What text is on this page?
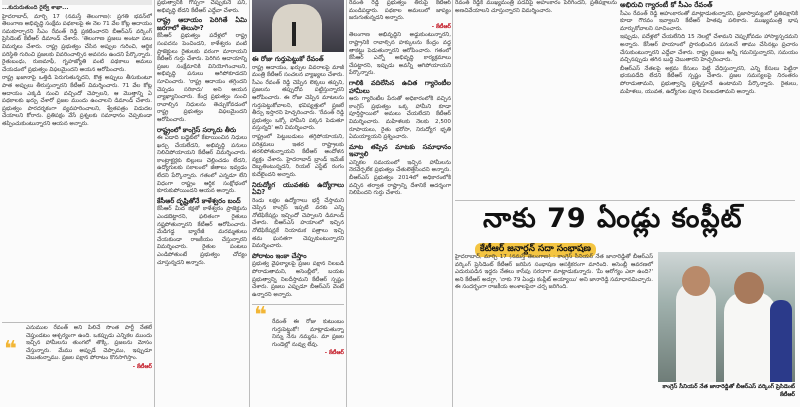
...కుదురుతుంది రైల్వే శాఖా...

హైదరాబాద్‌, మార్చి 17 (నమస్తే తెలంగాణ): ప్రగతి భవన్‌లో తెలంగాణ అభివృద్ధి సంక్షేమ పథకాలపై ఈ నెల 71 వేల కోట్ల ఆదాయం సమకూర్చారని సీఎం రేవంత్‌ రెడ్డి ప్రకటించారని బీఆర్‌ఎస్‌ వర్కింగ్‌ ప్రెసిడెంట్‌ కేటీఆర్‌ డిమాండ్‌ చేశారు. 'తెలంగాణ ప్రజలు అంటూ పలు విమర్శలు చేశారు. రాష్ట్ర ప్రభుత్వం చేసిన అప్పుల గురించి, ఆర్థిక పరిస్థితి గురించి ప్రజలకు వివరించాల్సిన అవసరం ఉందని పేర్కొన్నారు. రైతుబంధు, రుణమాఫీ, గృహజ్యోతి వంటి పథకాలు అమలు చేయడంలో ప్రభుత్వం విఫలమైందని ఆయన ఆరోపించారు.

రాష్ట్ర ఖజానాపై ఒత్తిడి పెరుగుతున్నదని, కొత్త అప్పులు తీసుకుంటూ పాత అప్పులు తీరుస్తున్నారని కేటీఆర్‌ విమర్శించారు. 71 వేల కోట్ల ఆదాయం ఎక్కడి నుంచి వచ్చిందో చెప్పాలని, ఆ మొత్తాన్ని ఏ పథకాలకు ఖర్చు చేశారో ప్రజల ముందు ఉంచాలని డిమాండ్‌ చేశారు. ప్రభుత్వం పారదర్శకంగా వ్యవహరించాలని, శ్వేతపత్రం విడుదల చేయాలని కోరారు. ప్రతిపక్షం వేసే ప్రశ్నలకు సమాధానం చెప్పకుండా తప్పించుకుంటున్నారని ఆయన అన్నారు.

❝

ఎనుముల రేవంత్‌ అని పిలిచే సొంత పార్టీ నేతలే చెప్తుండటం ఆశ్చర్యంగా ఉంది. ఒకప్పుడు ఎన్నికల ముందు ఇచ్చిన హామీలను తుంగలో తొక్కి, ప్రజలను మోసం చేస్తున్నారు. మేము అప్పుడే చెప్పాము, ఇప్పుడూ చెబుతున్నాము. ప్రజల పక్షాన పోరాటం కొనసాగిస్తాం.

- కేటీఆర్‌

ప్రభుత్వానికి గొప్పగా చెప్పుకునే పని, అభివృద్ధి లేదని కేటీఆర్‌ ఎద్దేవా చేశారు.

రాష్ట్ర ఆదాయం పెరిగితే ఏమి జరగాలో తెలుసా?

కేసీఆర్‌ ప్రభుత్వం పదేళ్లలో రాష్ట్ర సంపదను పెంచిందని, కాళేశ్వరం వంటి ప్రాజెక్టులు రైతులకు వరంగా మారాయని కేటీఆర్‌ గుర్తు చేశారు. పెరిగిన ఆదాయాన్ని ప్రజల సంక్షేమానికి వినియోగించాలని, అభివృద్ధి పనులు ఆగిపోకూడదని సూచించారు. 'రాష్ట్ర ఆదాయం తగ్గిందని చెప్పడం సరికాదు' అని ఆయన వ్యాఖ్యానించారు. కేంద్ర ప్రభుత్వం నుంచి రావాల్సిన నిధులను తెచ్చుకోవడంలో రాష్ట్ర ప్రభుత్వం విఫలమైందని ఆరోపించారు.

రాష్ట్రంలో కాంగ్రెస్‌ సర్కారు తీరు

ఈ ఏడాది బడ్జెట్‌లో కేటాయించిన నిధులు ఖర్చు చేయలేదని, అభివృద్ధి పనులు నిలిచిపోయాయని కేటీఆర్‌ విమర్శించారు. కాంట్రాక్టర్లకు బిల్లులు చెల్లించడం లేదని, ఉద్యోగులకు సకాలంలో జీతాలు ఇవ్వడం లేదని పేర్కొన్నారు. గతంలో ఎన్నడూ లేని విధంగా రాష్ట్రం ఆర్థిక సంక్షోభంలో కూరుకుపోయిందని ఆయన అన్నారు.

కేసీఆర్‌ దృష్టితోనే కాళేశ్వరం బంద్‌

కేసీఆర్‌ మీద కక్షతో కాళేశ్వరం ప్రాజెక్టును ఎండబెట్టారని, ఫలితంగా రైతులు నష్టపోతున్నారని కేటీఆర్‌ ఆరోపించారు. మేడిగడ్డ బ్యారేజీ మరమ్మతులు చేయకుండా రాజకీయం చేస్తున్నారని విమర్శించారు. రైతుల పంటలు ఎండిపోతుంటే ప్రభుత్వం చోద్యం చూస్తున్నదని అన్నారు.

ఈ రోజు గుర్తుపెట్టుకో రేవంత్‌

రాష్ట్ర ఆదాయం, ఖర్చుల వివరాలపై మాజీ మంత్రి కేటీఆర్‌ సంచలన వ్యాఖ్యలు చేశారు. సీఎం రేవంత్‌ రెడ్డి చెప్పిన లెక్కలు తప్పని, ప్రజలను తప్పుదోవ పట్టిస్తున్నారని ఆరోపించారు. ఈ రోజు చెప్పిన మాటలను గుర్తుపెట్టుకోవాలని, భవిష్యత్తులో ప్రజలే తీర్పు ఇస్తారని హెచ్చరించారు. 'రేవంత్‌ రెడ్డి ప్రభుత్వం ఒక్కో హామీని పక్కన పెడుతూ వస్తున్నది' అని విమర్శించారు.

రాష్ట్రంలో పెట్టుబడులు తగ్గిపోయాయని, పరిశ్రమలు ఇతర రాష్ట్రాలకు తరలిపోతున్నాయని కేటీఆర్‌ ఆందోళన వ్యక్తం చేశారు. హైదరాబాద్‌ బ్రాండ్‌ ఇమేజ్‌ దెబ్బతింటున్నదని, రియల్‌ ఎస్టేట్‌ రంగం కుదేలైందని అన్నారు.

నిరుద్యోగ యువతకు ఉద్యోగాలు ఏవి?

రెండు లక్షల ఉద్యోగాలు భర్తీ చేస్తామని చెప్పిన కాంగ్రెస్‌ ఇప్పటి వరకు ఎన్ని నోటిఫికేషన్లు ఇచ్చిందో చెప్పాలని డిమాండ్‌ చేశారు. బీఆర్‌ఎస్‌ హయాంలో ఇచ్చిన నోటిఫికేషన్లకే నియామక పత్రాలు ఇచ్చి తమ ఘనతగా చెప్పుకుంటున్నారని విమర్శించారు.

పోరాటం ఇంకా చేస్తాం

ప్రభుత్వ వైఫల్యాలపై ప్రజల పక్షాన నిలబడి పోరాడుతామని, అసెంబ్లీలో, బయట ప్రభుత్వాన్ని నిలదీస్తామని కేటీఆర్‌ స్పష్టం చేశారు. ప్రజలు ఎప్పుడూ బీఆర్‌ఎస్‌ వెంటే ఉన్నారని అన్నారు.

❝ రేవంత్‌ ఈ రోజు కుటుంబం గుర్తుపెట్టుకో! మాట్లాడుతున్నా నిన్ను నేను నమ్మను. మా ప్రజల గుండెల్లో నువ్వు లేవు.

- కేటీఆర్‌

రేవంత్‌ రెడ్డి ప్రభుత్వం తీరుపై కేటీఆర్‌ మండిపడ్డారు. పథకాల అమలులో జాప్యం జరుగుతున్నదని అన్నారు.

- కేటీఆర్‌

తెలంగాణ అభివృద్ధిని అడ్డుకుంటున్నారని, రాష్ట్రానికి రావాల్సిన హక్కులను కేంద్రం వద్ద తాకట్టు పెడుతున్నారని ఆరోపించారు. గతంలో కేసీఆర్‌ ఎన్నో అభివృద్ధి కార్యక్రమాలు చేపట్టారని, ఇప్పుడు అవన్నీ ఆగిపోయాయని పేర్కొన్నారు.

గాలికి వదిలేసిన ఉచిత గ్యారెంటీల హామీలు

ఆరు గ్యారెంటీల పేరుతో అధికారంలోకి వచ్చిన కాంగ్రెస్‌ ప్రభుత్వం ఒక్క హామీని కూడా పూర్తిస్థాయిలో అమలు చేయలేదని కేటీఆర్‌ విమర్శించారు. మహిళలకు నెలకు 2,500 రూపాయలు, రైతు భరోసా, నిరుద్యోగ భృతి ఏమయ్యాయని ప్రశ్నించారు.

మాట తప్పిన మాటకు సమాధానం ఇవ్వాలి

ఎన్నికల సమయంలో ఇచ్చిన హామీలను నెరవేర్చలేక ప్రభుత్వం చేతులెత్తేసిందని అన్నారు. బీఆర్‌ఎస్‌ ప్రభుత్వం 2014లో అధికారంలోకి వచ్చిన తర్వాత రాష్ట్రాన్ని దేశానికే ఆదర్శంగా నిలిపిందని గుర్తు చేశారు.

నాకు 79 ఏండ్లు కంప్లీట్‌
కేటీఆర్‌ జనార్దన్‌ సదా సంభాషణ

హైదరాబాద్‌, మార్చి 17 (నమస్తే తెలంగాణ) : కాంగ్రెస్‌ సీనియర్‌ నేత జానారెడ్డితో బీఆర్‌ఎస్‌ వర్కింగ్‌ ప్రెసిడెంట్‌ కేటీఆర్‌ జరిపిన సంభాషణ ఆసక్తికరంగా మారింది. అసెంబ్లీ ఆవరణలో ఎదురుపడిన ఇద్దరు నేతలు కాసేపు సరదాగా మాట్లాడుకున్నారు. 'మీ ఆరోగ్యం ఎలా ఉంది?' అని కేటీఆర్‌ అడగ్గా, 'నాకు 79 ఏండ్లు కంప్లీట్‌ అయ్యాయి' అని జానారెడ్డి సమాధానమిచ్చారు. ఈ సందర్భంగా రాజకీయ అంశాలపైనా చర్చ జరిగింది.

కాంగ్రెస్‌ సీనియర్‌ నేత జానారెడ్డితో బీఆర్‌ఎస్‌ వర్కింగ్‌ ప్రెసిడెంట్‌ కేటీఆర్‌

రేవంత్‌ రెడ్డికి ముఖ్యమంత్రి పదవిపై అహంకారం పెరిగిందని, ప్రతిపక్షాలను అణచివేయాలని చూస్తున్నారని విమర్శించారు.

అభిరుచి గ్యారంటీ కో సీఎం రేవంత్‌

సీఎం రేవంత్‌ రెడ్డి అహంకారంతో మాట్లాడుతున్నారని, ప్రజాస్వామ్యంలో ప్రతిపక్షానికి కూడా గౌరవం ఇవ్వాలని కేటీఆర్‌ హితవు పలికారు. ముఖ్యమంత్రి భాష మార్చుకోవాలని సూచించారు.

ఇప్పుడు, పదేళ్లలో చేయలేనిది 15 నెలల్లో చేశామని చెప్పుకోవడం హాస్యాస్పదమని అన్నారు. కేసీఆర్‌ హయాంలో ప్రారంభించిన పనులనే తాము చేసినట్లు ప్రచారం చేసుకుంటున్నారని ఎద్దేవా చేశారు. రాష్ట్ర ప్రజలు అన్నీ గమనిస్తున్నారని, సమయం వచ్చినప్పుడు తగిన బుద్ధి చెబుతారని హెచ్చరించారు.

బీఆర్‌ఎస్‌ నేతలపై అక్రమ కేసులు పెట్టి వేధిస్తున్నారని, ఎన్ని కేసులు పెట్టినా భయపడేది లేదని కేటీఆర్‌ స్పష్టం చేశారు. ప్రజల సమస్యలపై నిరంతరం పోరాడుతామని, ప్రభుత్వాన్ని ప్రశ్నిస్తూనే ఉంటామని పేర్కొన్నారు. రైతులు, మహిళలు, యువత, ఉద్యోగుల పక్షాన నిలబడతామని అన్నారు.
